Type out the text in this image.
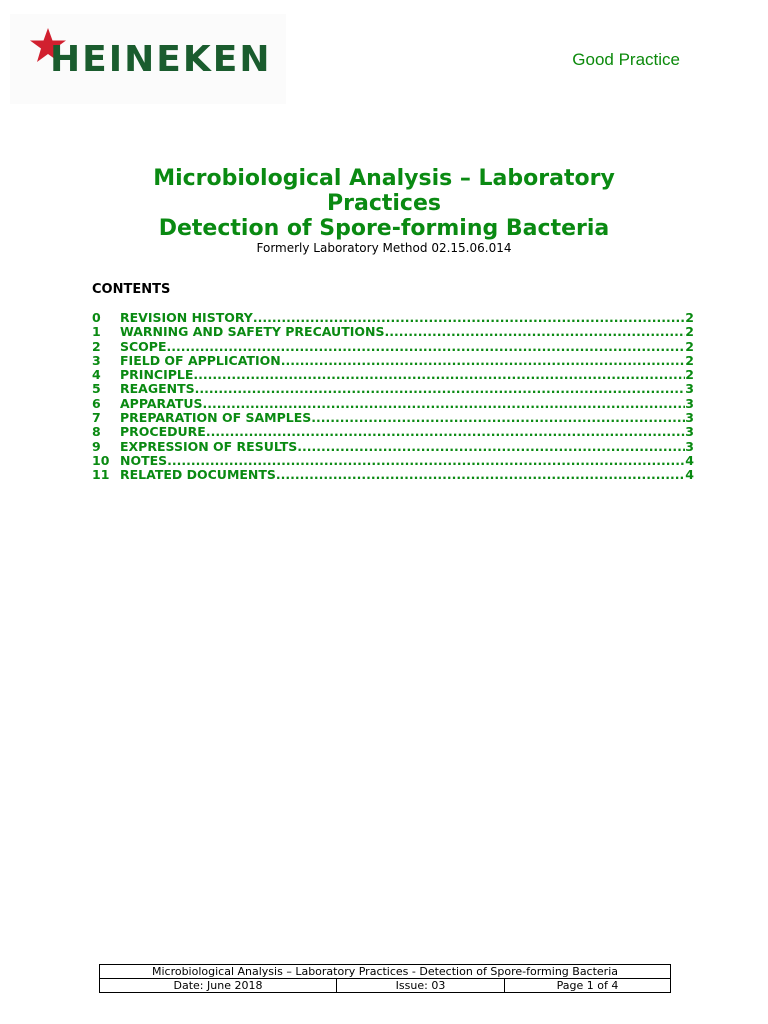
HEINEKEN	Good Practice

Microbiological Analysis – Laboratory

Practices

Detection of Spore-forming Bacteria

Formerly Laboratory Method 02.15.06.014
CONTENTS
0	REVISION HISTORY .....	2
1	WARNING AND SAFETY PRECAUTIONS .....	2
2	SCOPE .....	2
3	FIELD OF APPLICATION .....	2
4	PRINCIPLE .....	2
5	REAGENTS .....	3
6	APPARATUS .....	3
7	PREPARATION OF SAMPLES .....	3
8	PROCEDURE .....	3
9	EXPRESSION OF RESULTS .....	3
10 NOTES .....	4
11 RELATED DOCUMENTS .....	4
Microbiological Analysis – Laboratory Practices - Detection of Spore-forming Bacteria
Date: June 2018	Issue: 03	Page 1 of 4
